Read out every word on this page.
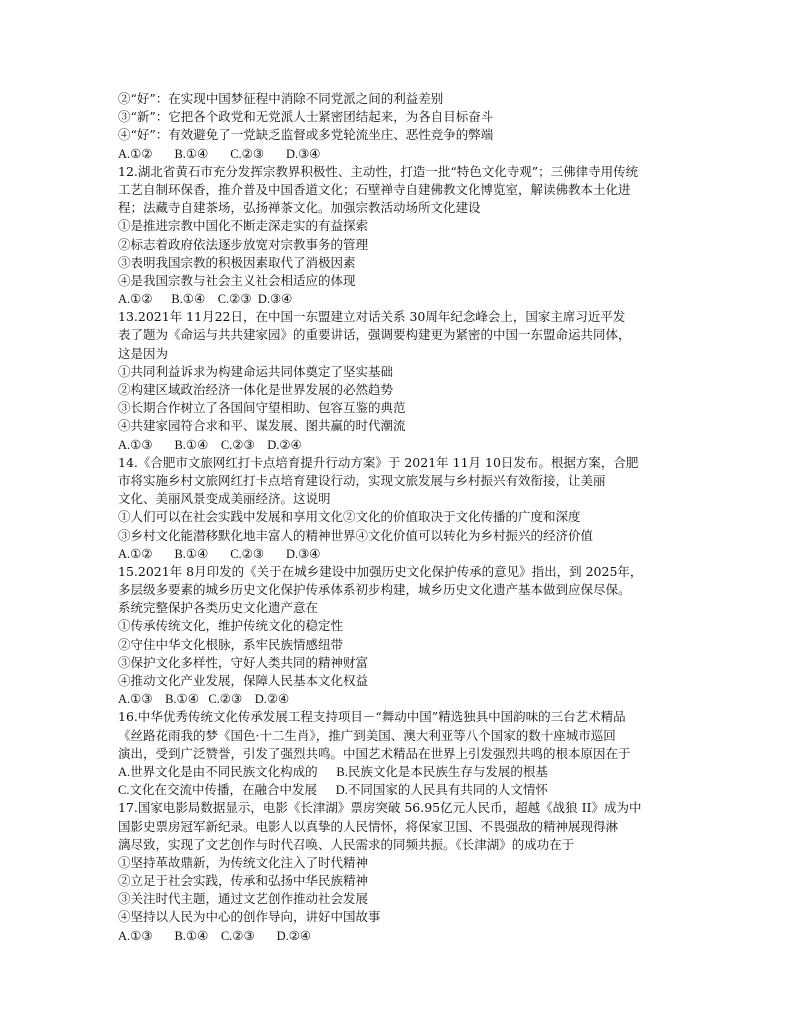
②“好”：在实现中国梦征程中消除不同党派之间的利益差别
③“新”：它把各个政党和无党派人士紧密团结起来，为各自目标奋斗
④“好”：有效避免了一党缺乏监督或多党轮流坐庄、恶性竞争的弊端
A.①②       B.①④       C.②③       D.③④
12.湖北省黄石市充分发挥宗教界积极性、主动性，打造一批“特色文化寺观”；三佛律寺用传统
工艺自制环保香，推介普及中国香道文化；石壁禅寺自建佛教文化博览室，解读佛教本土化进
程；法藏寺自建茶场，弘扬禅茶文化。加强宗教活动场所文化建设
①是推进宗教中国化不断走深走实的有益探索
②标志着政府依法逐步放宽对宗教事务的管理
③表明我国宗教的积极因素取代了消极因素
④是我国宗教与社会主义社会相适应的体现
A.①②      B.①④    C.②③  D.③④
13.2021年 11月22日，在中国一东盟建立对话关系 30周年纪念峰会上，国家主席习近平发
表了题为《命运与共共建家园》的重要讲话，强调要构建更为紧密的中国一东盟命运共同体，
这是因为
①共同利益诉求为构建命运共同体奠定了坚实基础
②构建区域政治经济一体化是世界发展的必然趋势
③长期合作树立了各国间守望相助、包容互鉴的典范
④共建家园符合求和平、谋发展、图共赢的时代潮流
A.①③       B.①④    C.②③    D.②④
14.《合肥市文旅网红打卡点培育提升行动方案》于 2021年 11月 10日发布。根据方案，合肥
市将实施乡村文旅网红打卡点培育建设行动，实现文旅发展与乡村振兴有效衔接，让美丽
文化、美丽风景变成美丽经济。这说明
①人们可以在社会实践中发展和享用文化②文化的价值取决于文化传播的广度和深度
③乡村文化能潜移默化地丰富人的精神世界④文化价值可以转化为乡村振兴的经济价值
A.①②       B.①④       C.②③       D.③④
15.2021年 8月印发的《关于在城乡建设中加强历史文化保护传承的意见》指出，到 2025年，
多层级多要素的城乡历史文化保护传承体系初步构建，城乡历史文化遗产基本做到应保尽保。
系统完整保护各类历史文化遗产意在
①传承传统文化，维护传统文化的稳定性
②守住中华文化根脉，系牢民族情感纽带
③保护文化多样性，守好人类共同的精神财富
④推动文化产业发展，保障人民基本文化权益
A.①③    B.①④   C.②③    D.②④
16.中华优秀传统文化传承发展工程支持项目－“舞动中国”精选独具中国韵味的三台艺术精品
《丝路花雨我的梦《国色·十二生肖》，推广到美国、澳大利亚等八个国家的数十座城市巡回
演出，受到广泛赞誉，引发了强烈共鸣。中国艺术精品在世界上引发强烈共鸣的根本原因在于
A.世界文化是由不同民族文化构成的      B.民族文化是本民族生存与发展的根基
C.文化在交流中传播，在融合中发展      D.不同国家的人民具有共同的人文情怀
17.国家电影局数据显示，电影《长津湖》票房突破 56.95亿元人民币，超越《战狼 II》成为中
国影史票房冠军新纪录。电影人以真挚的人民情怀，将保家卫国、不畏强敌的精神展现得淋
漓尽致，实现了文艺创作与时代召唤、人民需求的同频共振。《长津湖》的成功在于
①坚持革故鼎新，为传统文化注入了时代精神
②立足于社会实践，传承和弘扬中华民族精神
③关注时代主题，通过文艺创作推动社会发展
④坚持以人民为中心的创作导向，讲好中国故事
A.①③       B.①④    C.②③       D.②④
